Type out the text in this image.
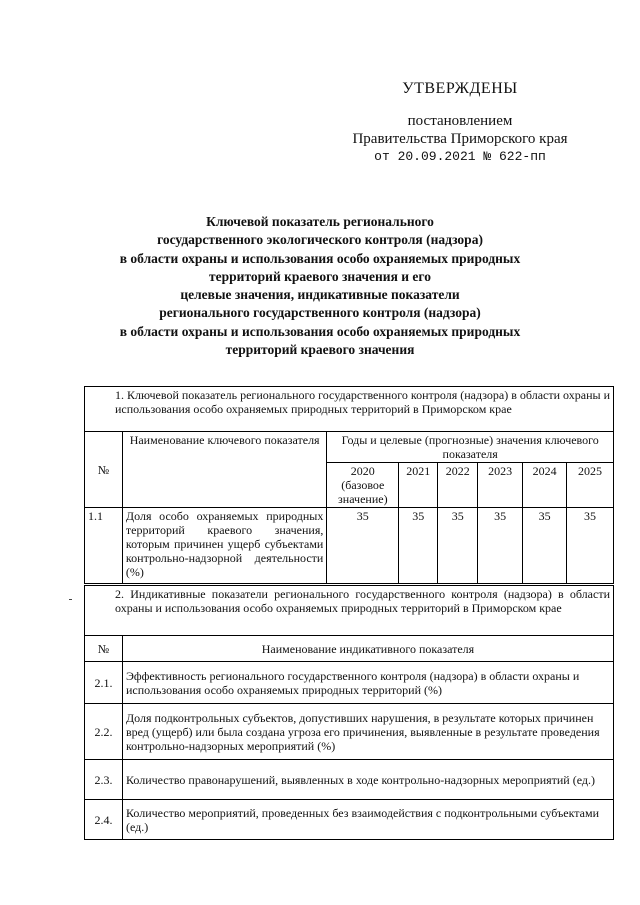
УТВЕРЖДЕНЫ
постановлением
Правительства Приморского края
от 20.09.2021 № 622-пп
Ключевой показатель регионального
государственного экологического контроля (надзора)
в области охраны и использования особо охраняемых природных
территорий краевого значения и его
целевые значения, индикативные показатели
регионального государственного контроля (надзора)
в области охраны и использования особо охраняемых природных
территорий краевого значения
1. Ключевой показатель регионального государственного контроля (надзора) в области охраны и использования особо охраняемых природных территорий в Приморском крае							
№	Наименование ключевого показателя	Годы и целевые (прогнозные) значения ключевого показателя					
		2020 (базовое значение)	2021	2022	2023	2024	2025
1.1	Доля особо охраняемых природных территорий краевого значения, которым причинен ущерб субъектами контрольно-надзорной деятельности (%)	35	35	35	35	35	35
2. Индикативные показатели регионального государственного контроля (надзора) в области охраны и использования особо охраняемых природных территорий в Приморском крае	
№	Наименование индикативного показателя
2.1.	Эффективность регионального государственного контроля (надзора) в области охраны и использования особо охраняемых природных территорий (%)
2.2.	Доля подконтрольных субъектов, допустивших нарушения, в результате которых причинен вред (ущерб) или была создана угроза его причинения, выявленные в результате проведения контрольно-надзорных мероприятий (%)
2.3.	Количество правонарушений, выявленных в ходе контрольно-надзорных мероприятий (ед.)
2.4.	Количество мероприятий, проведенных без взаимодействия с подконтрольными субъектами (ед.)
